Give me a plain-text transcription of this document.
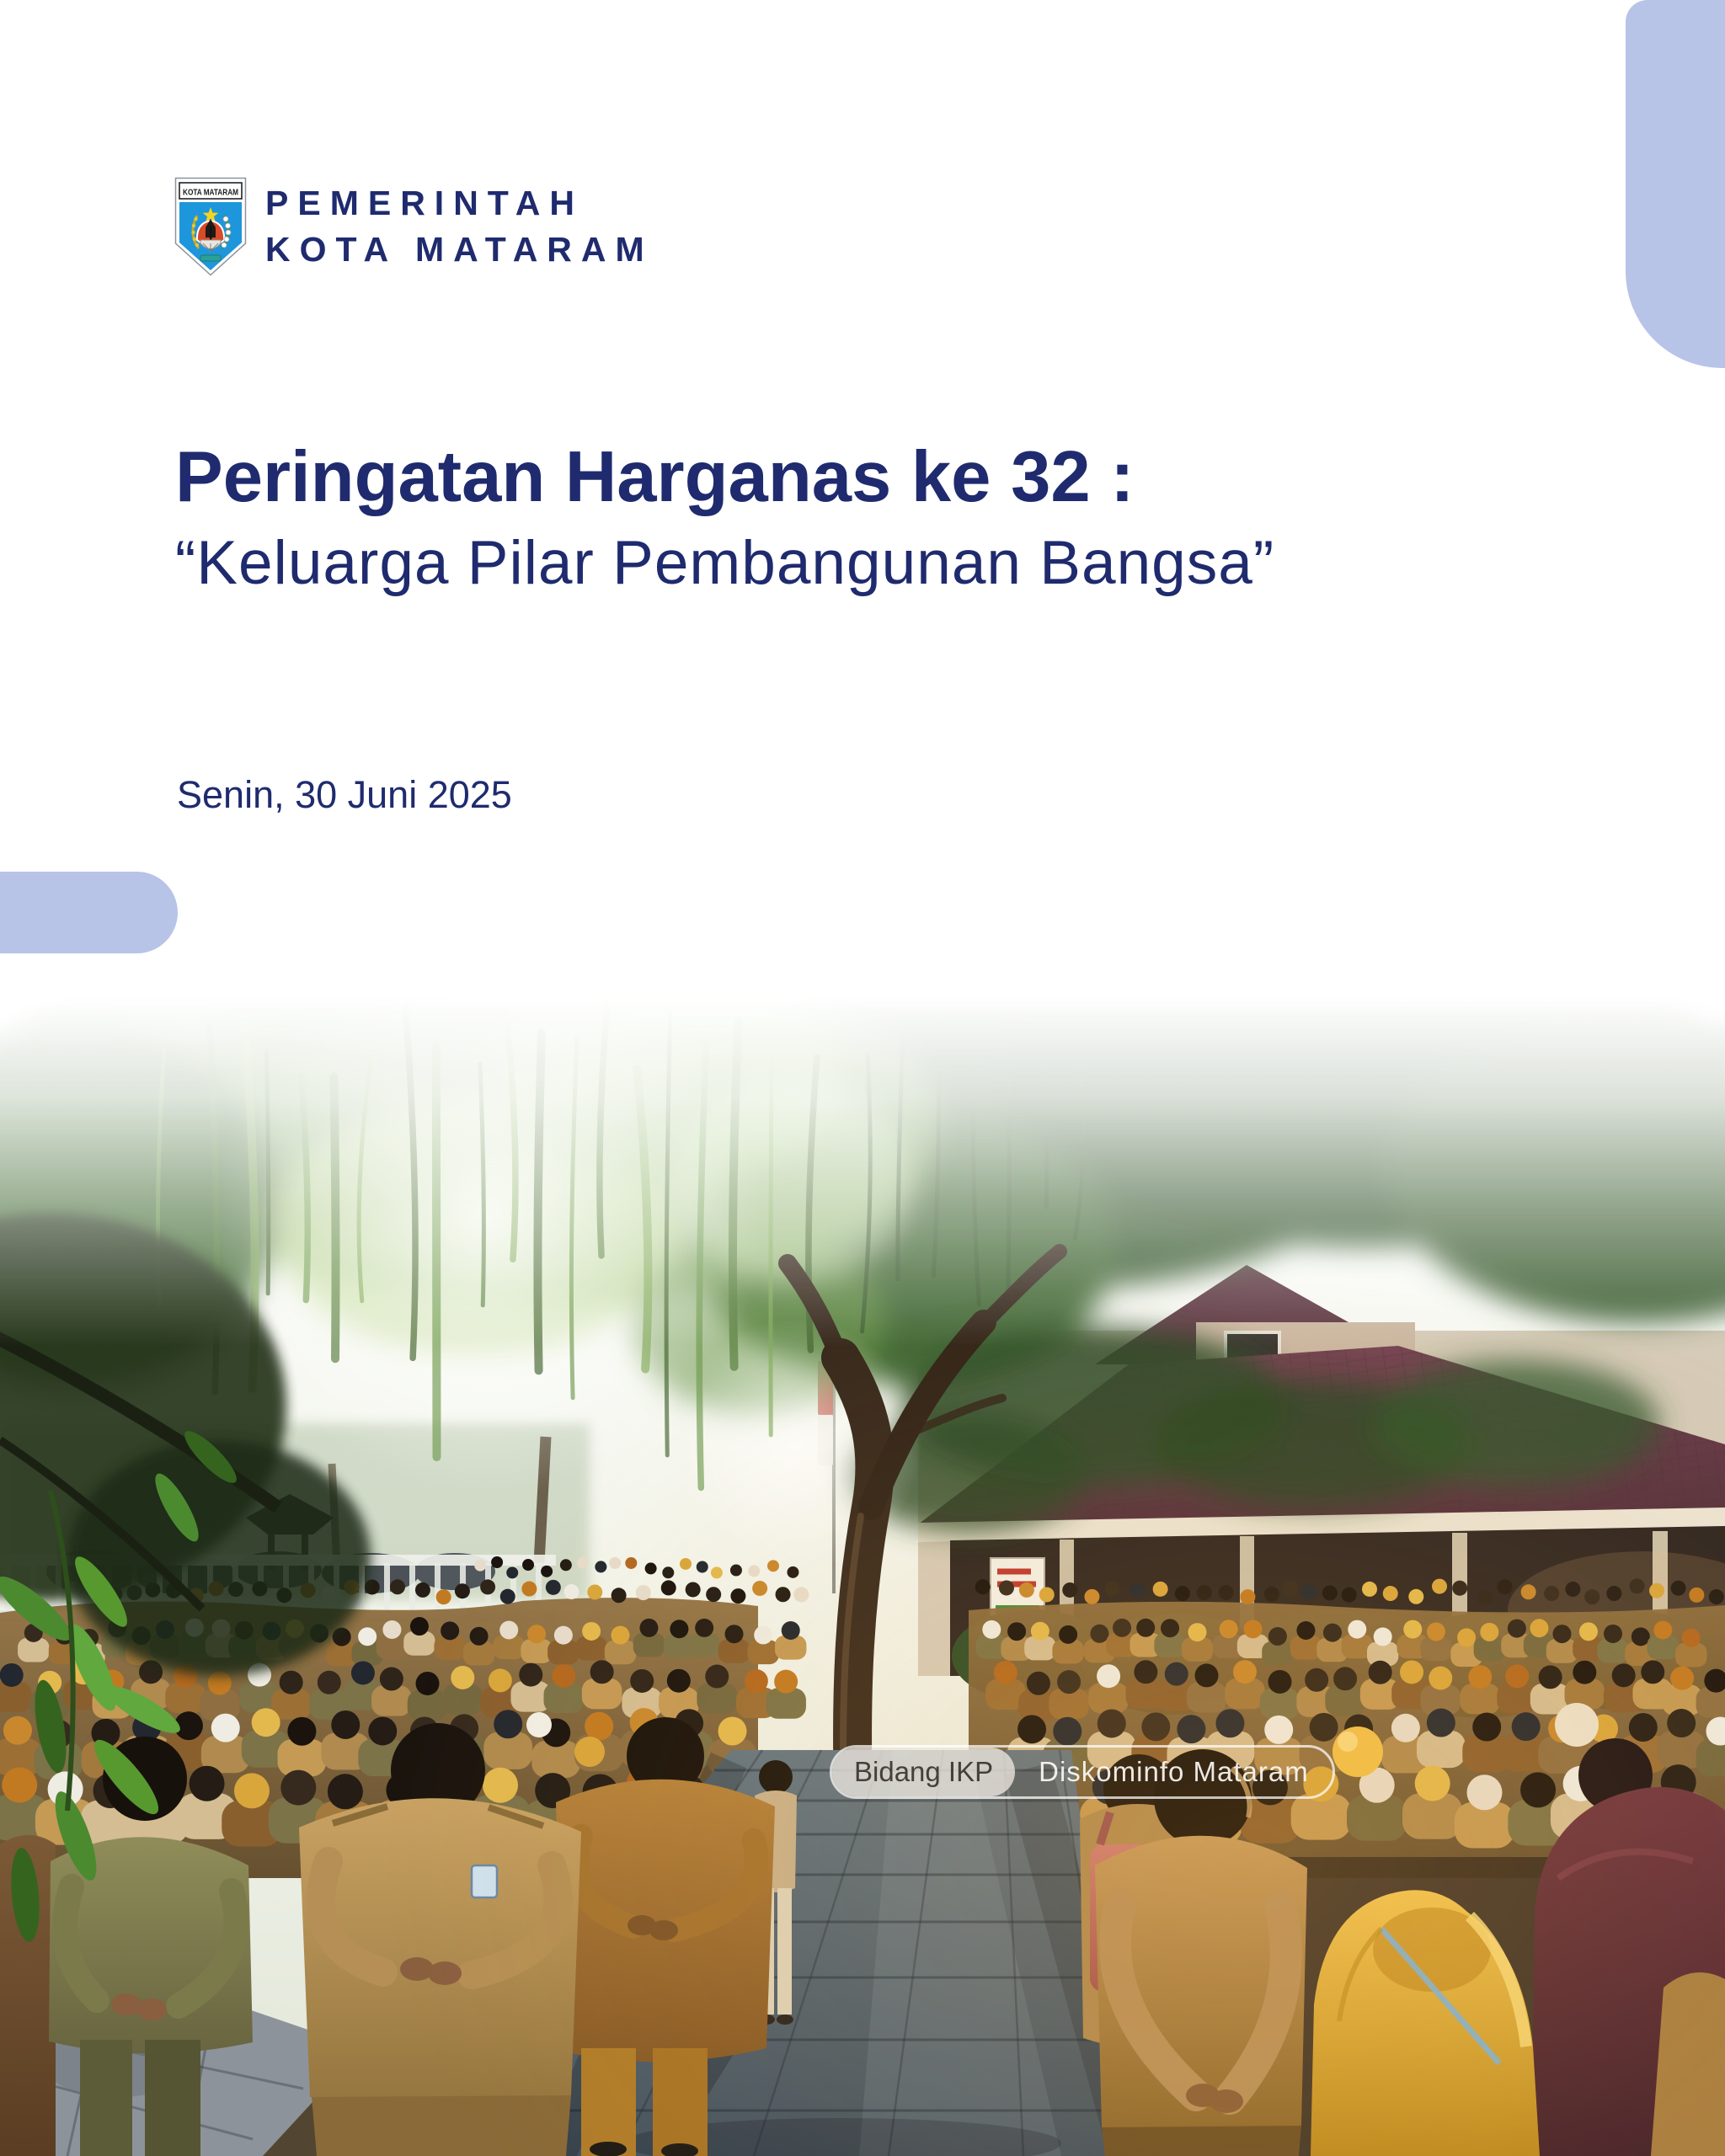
KOTA MATARAM PEMERINTAH
KOTA MATARAM
Peringatan Harganas ke 32 :
“Keluarga Pilar Pembangunan Bangsa”
Senin, 30 Juni 2025
Bidang IKP	Diskominfo Mataram
